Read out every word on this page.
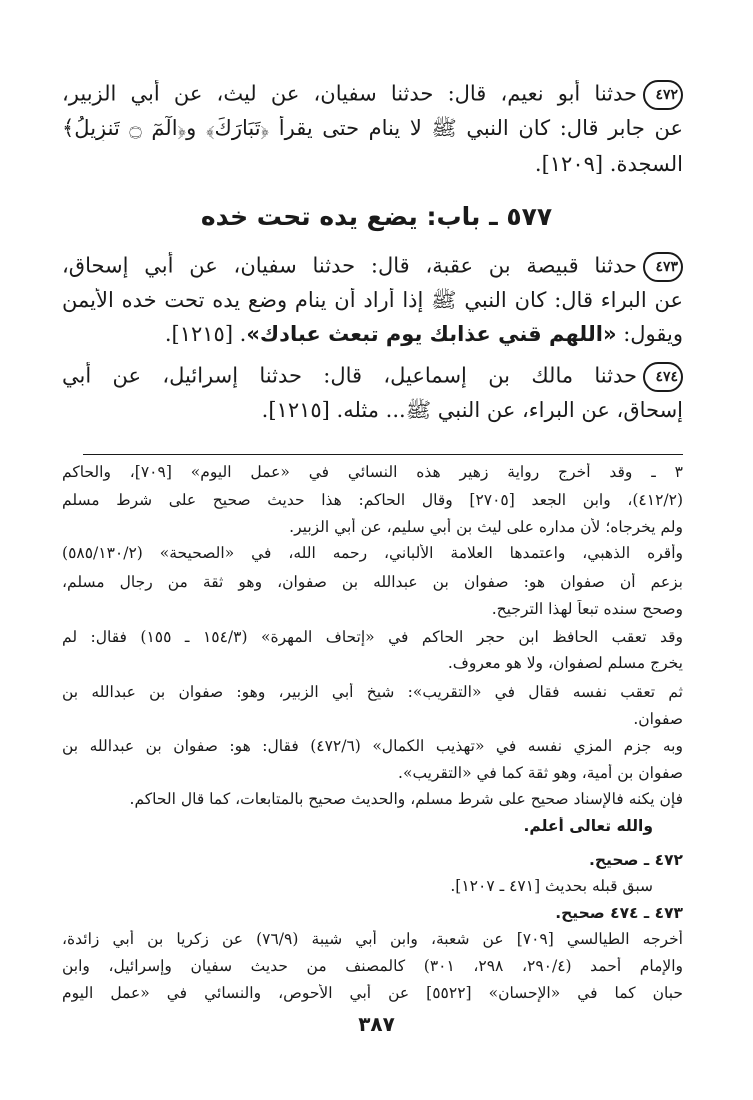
٤٧٢حدثنا أبو نعيم، قال: حدثنا سفيان، عن ليث، عن أبي الزبير،
عن جابر قال: كان النبي ﷺ لا ينام حتى يقرأ ﴿تَبَارَكَ﴾ و﴿الٓمٓ ۝ تَنزِيلُ﴾
السجدة. [١٢٠٩].
٥٧٧ ـ باب: يضع يده تحت خده
٤٧٣حدثنا قبيصة بن عقبة، قال: حدثنا سفيان، عن أبي إسحاق،
عن البراء قال: كان النبي ﷺ إذا أراد أن ينام وضع يده تحت خده الأيمن
ويقول: «اللهم قني عذابك يوم تبعث عبادك». [١٢١٥].
٤٧٤حدثنا مالك بن إسماعيل، قال: حدثنا إسرائيل، عن أبي
إسحاق، عن البراء، عن النبي ﷺ... مثله. [١٢١٥].
٣ ـ وقد أخرج رواية زهير هذه النسائي في «عمل اليوم» [٧٠٩]، والحاكم
(٤١٢/٢)، وابن الجعد [٢٧٠٥] وقال الحاكم: هذا حديث صحيح على شرط مسلم
ولم يخرجاه؛ لأن مداره على ليث بن أبي سليم، عن أبي الزبير.
وأقره الذهبي، واعتمدها العلامة الألباني، رحمه الله، في «الصحيحة» (٥٨٥/١٣٠/٢)
بزعم أن صفوان هو: صفوان بن عبدالله بن صفوان، وهو ثقة من رجال مسلم،
وصحح سنده تبعاً لهذا الترجيح.
وقد تعقب الحافظ ابن حجر الحاكم في «إتحاف المهرة» (١٥٤/٣ ـ ١٥٥) فقال: لم
يخرج مسلم لصفوان، ولا هو معروف.
ثم تعقب نفسه فقال في «التقريب»: شيخ أبي الزبير، وهو: صفوان بن عبدالله بن
صفوان.
وبه جزم المزي نفسه في «تهذيب الكمال» (٤٧٢/٦) فقال: هو: صفوان بن عبدالله بن
صفوان بن أمية، وهو ثقة كما في «التقريب».
فإن يكنه فالإسناد صحيح على شرط مسلم، والحديث صحيح بالمتابعات، كما قال الحاكم.
والله تعالى أعلم.
٤٧٢ ـ صحيح.
سبق قبله بحديث [٤٧١ ـ ١٢٠٧].
٤٧٣ ـ ٤٧٤ صحيح.
أخرجه الطيالسي [٧٠٩] عن شعبة، وابن أبي شيبة (٧٦/٩) عن زكريا بن أبي زائدة،
والإمام أحمد (٢٩٠/٤، ٢٩٨، ٣٠١) كالمصنف من حديث سفيان وإسرائيل، وابن
حبان كما في «الإحسان» [٥٥٢٢] عن أبي الأحوص، والنسائي في «عمل اليوم
٣٨٧
